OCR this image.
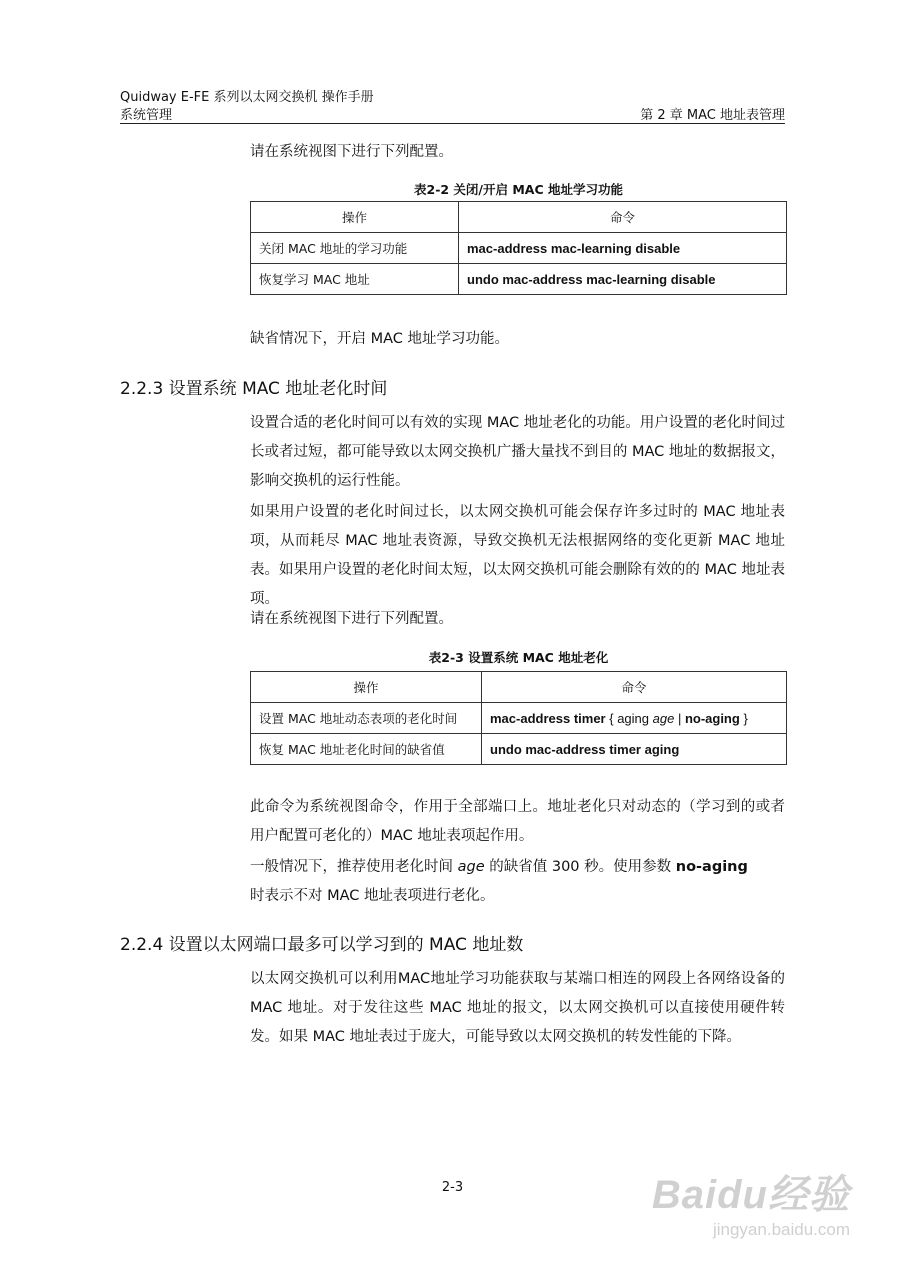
Quidway E-FE 系列以太网交换机 操作手册
系统管理	第 2 章 MAC 地址表管理
请在系统视图下进行下列配置。
表2-2 关闭/开启 MAC 地址学习功能
操作	命令
关闭 MAC 地址的学习功能	mac-address mac-learning disable
恢复学习 MAC 地址	undo mac-address mac-learning disable
缺省情况下，开启 MAC 地址学习功能。
2.2.3 设置系统 MAC 地址老化时间
设置合适的老化时间可以有效的实现 MAC 地址老化的功能。用户设置的老化时间过长或者过短，都可能导致以太网交换机广播大量找不到目的 MAC 地址的数据报文，影响交换机的运行性能。
如果用户设置的老化时间过长，以太网交换机可能会保存许多过时的 MAC 地址表项，从而耗尽 MAC 地址表资源，导致交换机无法根据网络的变化更新 MAC 地址表。如果用户设置的老化时间太短，以太网交换机可能会删除有效的的 MAC 地址表项。
请在系统视图下进行下列配置。
表2-3 设置系统 MAC 地址老化
操作	命令
设置 MAC 地址动态表项的老化时间	mac-address timer { aging age | no-aging }
恢复 MAC 地址老化时间的缺省值	undo mac-address timer aging
此命令为系统视图命令，作用于全部端口上。地址老化只对动态的（学习到的或者用户配置可老化的）MAC 地址表项起作用。
一般情况下，推荐使用老化时间 age 的缺省值 300 秒。使用参数 no-aging
时表示不对 MAC 地址表项进行老化。
2.2.4 设置以太网端口最多可以学习到的 MAC 地址数
以太网交换机可以利用MAC地址学习功能获取与某端口相连的网段上各网络设备的 MAC 地址。对于发往这些 MAC 地址的报文，以太网交换机可以直接使用硬件转发。如果 MAC 地址表过于庞大，可能导致以太网交换机的转发性能的下降。
2-3	Baidu经验
jingyan.baidu.com
